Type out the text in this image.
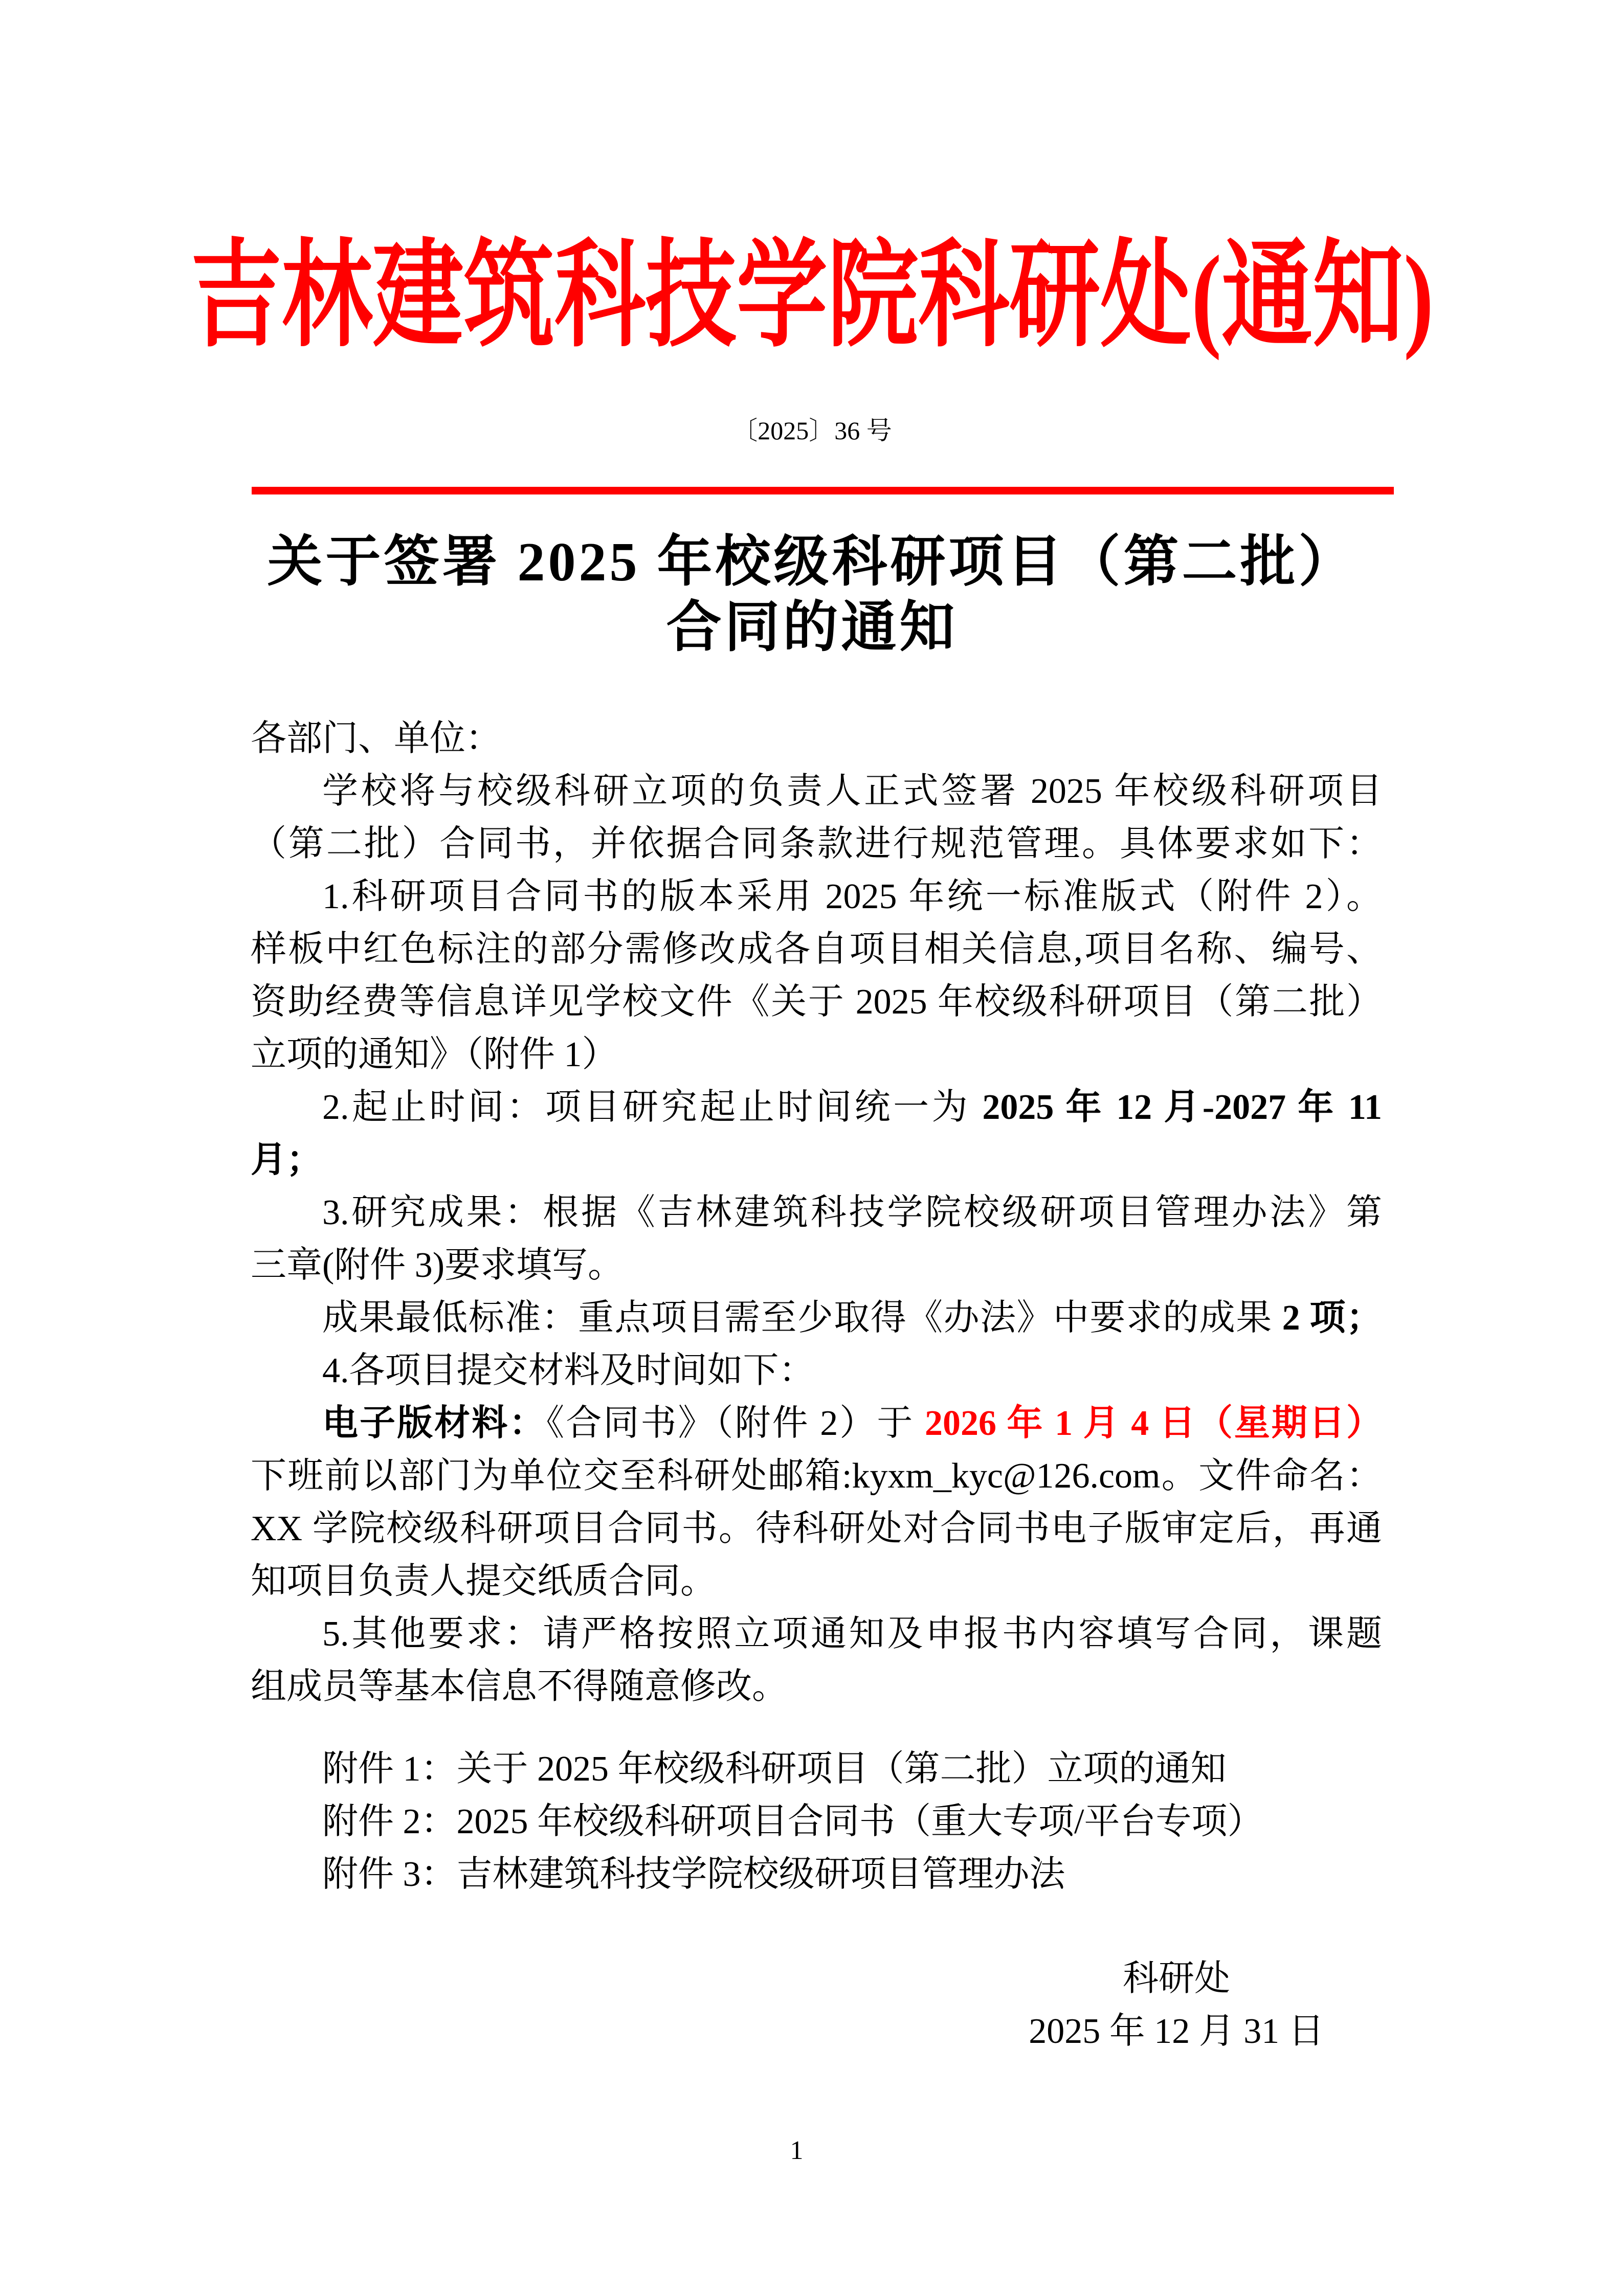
吉林建筑科技学院科研处(通知)
〔2025〕36 号
关于签署 2025 年校级科研项目（第二批）
合同的通知
各部门、单位：
学校将与校级科研立项的负责人正式签署 2025 年校级科研项目
（第二批）合同书，并依据合同条款进行规范管理。具体要求如下：
1.科研项目合同书的版本采用 2025 年统一标准版式（附件 2）。
样板中红色标注的部分需修改成各自项目相关信息,项目名称、编号、
资助经费等信息详见学校文件《关于 2025 年校级科研项目（第二批）
立项的通知》（附件 1）
2.起止时间：项目研究起止时间统一为 2025 年 12 月-2027 年 11
月；
3.研究成果：根据《吉林建筑科技学院校级研项目管理办法》第
三章(附件 3)要求填写。
成果最低标准：重点项目需至少取得《办法》中要求的成果 2 项；
4.各项目提交材料及时间如下：
电子版材料：《合同书》（附件 2）于 2026 年 1 月 4 日（星期日）
下班前以部门为单位交至科研处邮箱:kyxm_kyc@126.com。文件命名：
XX 学院校级科研项目合同书。待科研处对合同书电子版审定后，再通
知项目负责人提交纸质合同。
5.其他要求：请严格按照立项通知及申报书内容填写合同，课题
组成员等基本信息不得随意修改。
附件 1：关于 2025 年校级科研项目（第二批）立项的通知
附件 2：2025 年校级科研项目合同书（重大专项/平台专项）
附件 3：吉林建筑科技学院校级研项目管理办法
科研处
2025 年 12 月 31 日
1
